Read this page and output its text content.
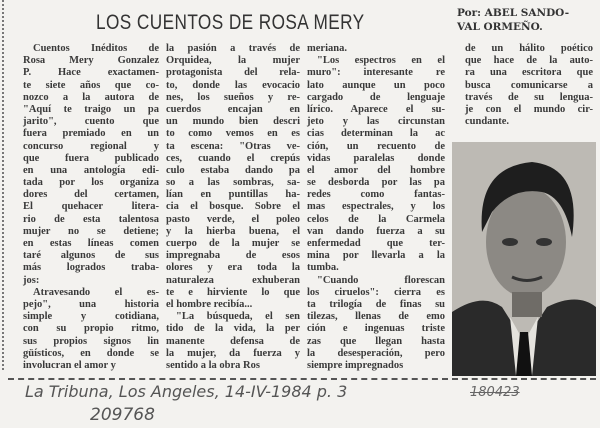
LOS CUENTOS DE ROSA MERY	Por: ABEL SANDO-
VAL ORMEÑO.
Cuentos Inéditos de
Rosa Mery Gonzalez
P. Hace exactamen-
te siete años que co-
nozco a la autora de
"Aquí te traigo un pa
jarito", cuento que
fuera premiado en un
concurso regional y
que fuera publicado
en una antología edi-
tada por los organiza
dores del certamen,
El quehacer litera-
rio de esta talentosa
mujer no se detiene;
en estas líneas comen
taré algunos de sus
más logrados traba-
jos:
Atravesando el es-
pejo", una historia
simple y cotidiana,
con su propio ritmo,
sus propios signos lin
güísticos, en donde se
involucran el amor y
la pasión a través de
Orquidea, la mujer
protagonista del rela-
to, donde las evocacio
nes, los sueños y re-
cuerdos encajan en
un mundo bien descri
to como vemos en es
ta escena: "Otras ve-
ces, cuando el crepús
culo estaba dando pa
so a las sombras, sa-
lían en puntillas ha-
cia el bosque. Sobre el
pasto verde, el poleo
y la hierba buena, el
cuerpo de la mujer se
impregnaba de esos
olores y era toda la
naturaleza exhuberan
te e hirviente lo que
el hombre recibía...
"La búsqueda, el sen
tido de la vida, la per
manente defensa de
la mujer, da fuerza y
sentido a la obra Ros
meriana.
"Los espectros en el
muro": interesante re
lato aunque un poco
cargado de lenguaje
lírico. Aparece el su-
jeto y las circunstan
cias determinan la ac
ción, un recuento de
vidas paralelas donde
el amor del hombre
se desborda por las pa
redes como fantas-
mas espectrales, y los
celos de la Carmela
van dando fuerza a su
enfermedad que ter-
mina por llevarla a la
tumba.
"Cuando florescan
los ciruelos": cierra es
ta trilogía de finas su
tilezas, llenas de emo
ción e ingenuas triste
zas que llegan hasta
la desesperación, pero
siempre impregnados
de un hálito poético
que hace de la auto-
ra una escritora que
busca comunicarse a
través de su lengua-
je con el mundo cir-
cundante.
La Tribuna, Los Angeles, 14-IV-1984 p. 3
209768
180423
